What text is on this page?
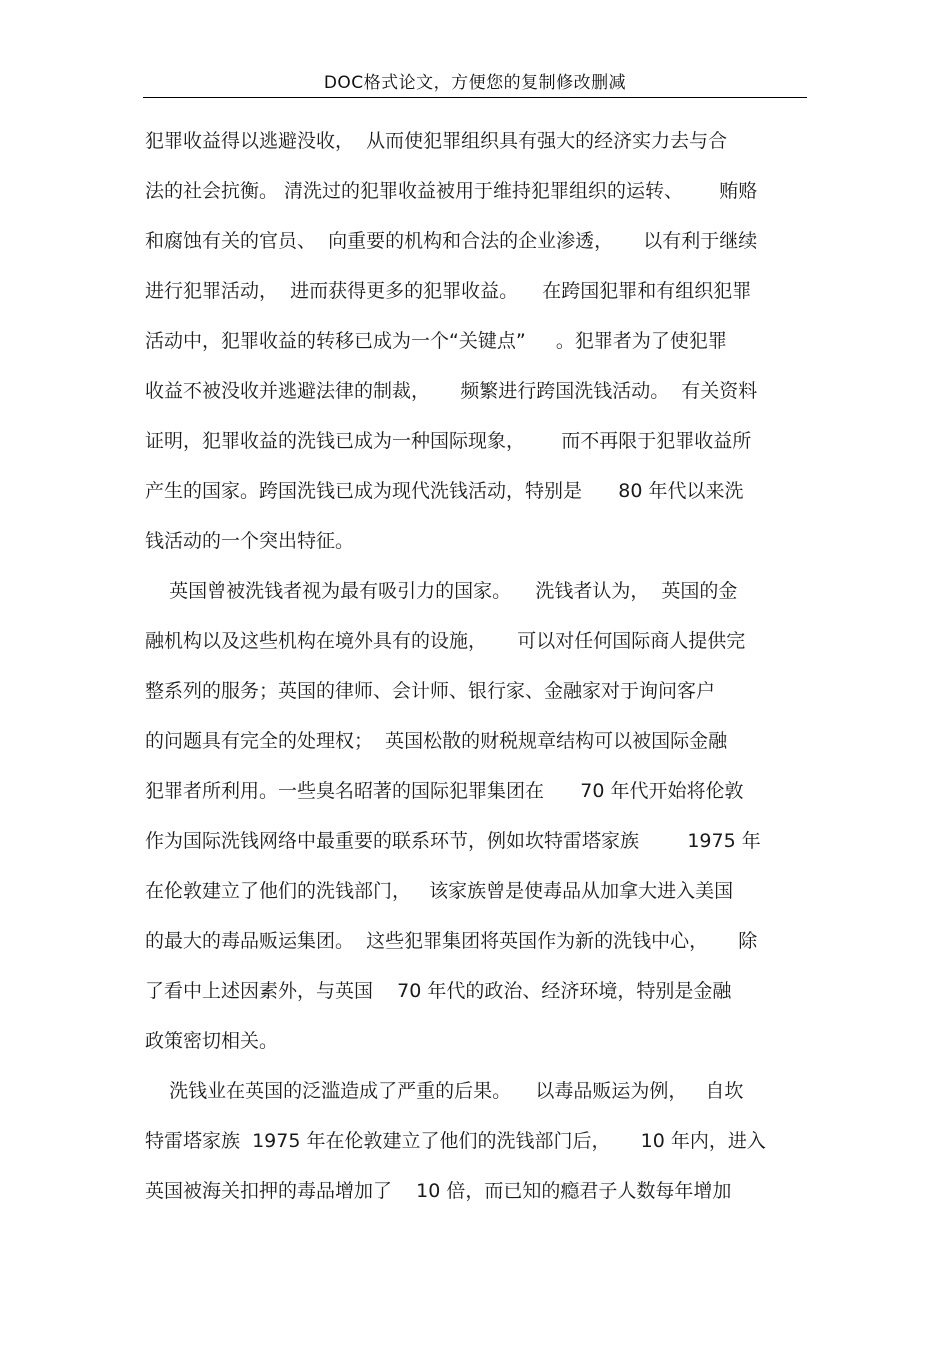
DOC格式论文，方便您的复制修改删减
犯罪收益得以逃避没收，  从而使犯罪组织具有强大的经济实力去与合
法的社会抗衡。 清洗过的犯罪收益被用于维持犯罪组织的运转、      贿赂
和腐蚀有关的官员、  向重要的机构和合法的企业渗透，     以有利于继续
进行犯罪活动，  进而获得更多的犯罪收益。    在跨国犯罪和有组织犯罪
活动中，犯罪收益的转移已成为一个“关键点”     。犯罪者为了使犯罪
收益不被没收并逃避法律的制裁，     频繁进行跨国洗钱活动。  有关资料
证明，犯罪收益的洗钱已成为一种国际现象，      而不再限于犯罪收益所
产生的国家。跨国洗钱已成为现代洗钱活动，特别是      80 年代以来洗
钱活动的一个突出特征。
英国曾被洗钱者视为最有吸引力的国家。    洗钱者认为，  英国的金
融机构以及这些机构在境外具有的设施，     可以对任何国际商人提供完
整系列的服务；英国的律师、会计师、银行家、金融家对于询问客户
的问题具有完全的处理权；  英国松散的财税规章结构可以被国际金融
犯罪者所利用。一些臭名昭著的国际犯罪集团在      70 年代开始将伦敦
作为国际洗钱网络中最重要的联系环节，例如坎特雷塔家族        1975 年
在伦敦建立了他们的洗钱部门，   该家族曾是使毒品从加拿大进入美国
的最大的毒品贩运集团。  这些犯罪集团将英国作为新的洗钱中心，     除
了看中上述因素外，与英国    70 年代的政治、经济环境，特别是金融
政策密切相关。
洗钱业在英国的泛滥造成了严重的后果。    以毒品贩运为例，   自坎
特雷塔家族  1975 年在伦敦建立了他们的洗钱部门后，     10 年内，进入
英国被海关扣押的毒品增加了    10 倍，而已知的瘾君子人数每年增加
